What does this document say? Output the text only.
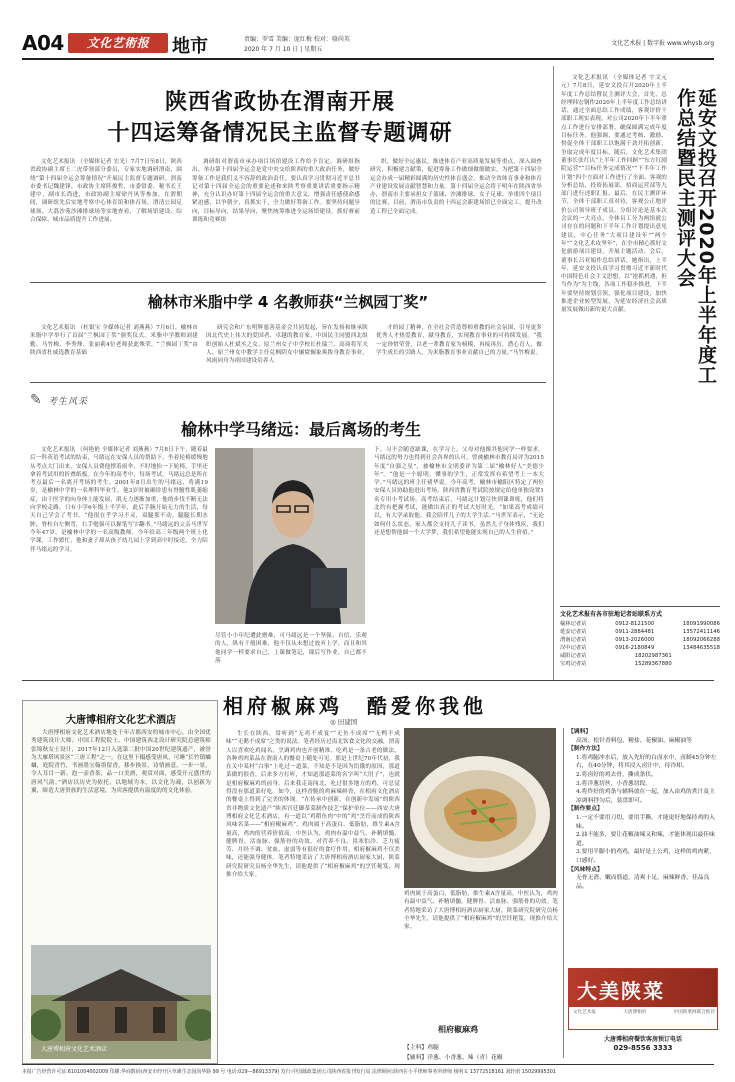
A04	文化艺術报	地市	责编：罗雪 美编：庞红梅 校对：骆尚英
2020 年 7 月 10 日 | 星期五
文化艺术报 | 数字报 www.whysb.org
陕西省政协在渭南开展
十四运筹备情况民主监督专题调研

文化艺术报讯 （全媒体记者 宏光）7月7日至8日，陕西省政协副主席王二虎带领部分委员，专家实地调研渭南，围绕“第十四届全运会筹备情况”开展民主监督专题调研。渭南市委书记魏建锋，市政协主席阵俊哲，市委常委、秘书长王建中，副市长尚进，市政协副主席徐丹风等参加。在渭期间，调研组先后实地考察中心体育馆和体育场，渭清公园足球场、大荔沙苑沙滩排球场等实地查看，了解场馆建设、综合保障、城市品质提升工作进展。

调研组对渭南市承办项目场馆建设工作给予肯定。调研组指出，举办第十四届全运会是党中央交给陕西的重大政治任务，做好筹备工作是我们义不容辞的政治责任。要认真学习贯彻习近平总书记对第十四届全运会的重要论述和来陕考察重要讲话重要指示精神，充分认识办好第十四届全运会的重大意义，增强责任感使命感紧迫感，以争朝夕，真抓实干，全力做好筹备工作。要坚持问题导向，目标导向，结果导向，聚焦统筹推进全运场馆建设，抓好赛前训练和竞赛组

织，做好全运惠民，推进体育产业高质量发展等重点。深入调查研究，积极建言献策，促进筹备工作做细做细做实，为把第十四届全运会办成一届精彩圆满的历史性体育盛会，推动全省体育事业和体育产业建设发展贡献智慧和力量。第十四届全运会将于明年在陕西省举办，渭南市主要承担女子篮球、沙滩排球、女子足球、举重四个项目的比赛，目前，渭南市负责的十四运会新建场馆已全面完工，提升改造工程已全面完成。

榆林市米脂中学 4 名教师获“兰枫园丁奖”

文化艺术报讯 （杜银宝 全媒体记者 刘燕燕）7月6日，榆林市米脂中学举行了首届“兰枫园丁奖”颁奖仪式。米脂中学教师刘建勤、马竹梅、李秀烽、张丽莉4位老师获此殊荣。“兰枫园丁奖”由陕西省杜威选教育基础

研究会和广东明辉慈善基金会共同发起，旨在发扬和继承陕因北代史上伟大的爱国者、卓越的教育家，中国民主同盟西北组织创始人杜斌丞之女，原兰州女子中学校长杜瑞兰、高琦将军夫人、原兰州女中教学主任兑枫阴女中辗窟辗象爽拨身教育事业，风雨同舟为祖国建设培养人

才的园丁精神，在全社会营造尊师重教的社会氛围，引导更多优秀人才热爱教育，献身教育，实现教育事业的可持续发展。“我一定珍惜荣誉，以老一辈教育家为榜模，再接再厉，潜心育人，做学生成长的引路人，为米脂教育事业贡献自己的力量。”马竹梅说。

✎ 考生风采
榆林中学马绪远：最后离场的考生

文化艺术报讯 （何艳艳 全媒体记者 刘燕燕）7月8日下午，随着最后一科英语考试的结束，马绪远在安保人员的帮助下，坐着轮椅缓慢地从考点大门出来，安保人员费他撑着雨伞，不时地抬一下轮椅，手里还拿着考试用的折叠纸板。在今年的高考中，每场考试，马绪远总是所在考点最后一名离开考场的考生。2001年8月出生的马绪远，将满19岁，是榆林中学的一名理科毕业生，他3岁时被确诊患有脊髓性肌萎缩症，由于医学的向身体上能发展，肌无力逐渐加重，他的步伐不断无法向学校走路，只有小学6年级上半学年，此后手腕开始无力的生活，每天自己学会了考书。“他很在乎学习不灵，双腿那不动，腿腿长期水肿，脊柱自左侧弯，右手勉强可以握笔写字翻书。”马绪远的父亲马世军今年47岁，是榆林中学的一名高级教师，今年给高三年级两个班上化学课，工作繁忙，他和妻子却从孩子幼儿园上学到高中时接送，全力陪伴马绪远的学习。

尽管小小年纪遭此磨难，可马绪远是一个坚强、自信、乐观的人，纵有千般困难，他不仅从未想过放弃上学，而且和其他同学一样要求自己，上课做笔记，课后写作业，自己都不落

下。习不会随意缺课，在学习上，父母对他像其他同学一样要求。马绪远的努力也得到社会各界的认可，曾被榆林市教育局评为2015年度“自强之星”，被榆林市文明委评为第二届“榆林好人”美德少年”。“他是一个聪明，懂事的学生，正常发挥有希望考上一本大学。”马绪远的班主任褚华说。今年高考，榆林市榆阳区特定了两位安保人员协助他进出考场，陕西省教育考试院按规定给他单独设置1名专用小考试场。高考结束后，马绪远计划尽快到课训练，他们将北约有把握考试，能做出真正的考试大好时光。“如果高考成绩可以，有大学录取他，我会陪伴儿子的大学生活。”马世军表示，“无论如何什么状态，家人都会支持儿子读书，虽然儿子身体残疾，我们还是想帮他圆一个大学梦，我们希望他能实现自己的人生价值。”

延安文投召开2020年上半年度工作总结暨民主测评大会

文化艺术报讯 （全媒体记者 宇文元元）7月8日，延安文投召开2020年上半年度工作总结暨民主测评大会。首先，总经理韩宏钢作2020年上半年度工作总结讲话，通过全面总结工作成绩，客观评价干部职工现实表现，对公司2020年下半年重点工作进行安排部署，确保圆满完成年度目标任务。他强调，要通过考核、激励、督促全体干部职工以饱满干劲开拓创新，争取完成年度目标。随后，文化艺术集团董事长张红认“上半年工作回顾”“东方红剧院运营”“目标任务完成情况”“下半年工作计划”四个方面对工作进行了全面、客观的分析总结，投资拓展部，招商运营部等九部门进行述职汇报，最后，在民主测评环节，全体干部职工真对待，客观公正地评价公司领导班子成员。分组讨论是基本次会议的一大亮点，全体员工分为两组就公司存在的问题和下半年工作计划提出意见建议，中心任务“大项目建设年”“两个年”“文化艺术攻坚年”，在全市精心抓好文化旅游项目建设，开展主题活动。会后，董事长吕亚娟作总结讲话，她指出，上半年，延安文投认真学习贯彻习近平新时代中国特色社会主义思想，以“抢抓机遇，担当作为”为主线，各项工作稳步推进，下半年要坚持规划引领，强化项目建设，加快推进企业转型发展，为延安经济社会高质量发展做出新的更大贡献。

文化艺术报有各市驻地记者站联系方式
榆林记者站	0912-8121500	18091990086
延安记者站	0911-2884481	13572411146
渭南记者站	0913-2026000	18092066288
汉中记者站	0916-2180849	13484635518
咸阳记者站	18202987361
宝鸡记者站	15289367880
相府椒麻鸡　酷爱你我他
◎ 田建国

生长在陕西，常听到“无鸡不成宴”“无鱼不成席”“无鸭不成味”“无鹅不成席”之类的说法。笔者经历过南北饮食文化的交融，渭南人以喜欢吃鸡闻名，烹调鸡肉也开创精准，吃鸡是一条古老的做法，各种鸡肉菜品在渭南人的餐桌上随处可见。那是上世纪70年代初，我在关中某村“白事”上吃过一道菜，不知是不是因为饥饿的原因，那道菜做的很香，后来多方打听，才知道那道菜的名字叫“大肘子”，也就是相府椒麻鸡的前身。后来我走南闯北，吃过很多地方的鸡，可总觉得没有那道菜好吃。如今，这样香脆的鸡麻辣鲜香，在相府文化酒店的餐桌上得到了完美的体现。“在传承中创新，在创新中发展”的陕西省非物质文化遗产“陕西宫廷御茶菜制作技艺”保护单位——西安大唐博相府文化艺术酒店，有一道以“鸡稻鱼肉”中的“鸡”烹饪而成的陕西风味名菜——“相府椒麻鸡”。鸡肉属于高蛋白、低脂肪，维生素A含量高，鸡肉的营养价值高，中医认为，鸡肉有温中益气、补精填髓、健脾胃、活血脉、强筋骨的功效。对营养不良、畏寒怕冷、乏力疲劳、月经不调、贫血、虚弱等有很好的食疗作用。相府椒麻鸡不仅美味，还能强身健体。笔者特地采访了大唐博相府酒店厨家大厨，陕菜研究院研究员杨全华先生，请他提供了“相府椒麻鸡”的烹饪秘笈，现推介给大家。

鸡肉属于高蛋白、低脂肪，维生素A含量高。中医认为，鸡肉有温中益气、补精填髓、健脾胃、活血脉、强筋骨的功效。笔者特地采访了大唐博相府酒店厨家大厨，陕菜研究院研究员杨全华先生，请他提供了“相府椒麻鸡”的烹饪秘笈，现推介给大家。

相府椒麻鸡
【主料】鸡腿
【辅料】洋葱、小香葱、辣（青）花椒
大唐博相府文化艺术酒店

大唐博相府文化艺术酒店地处千年古都西安的城市中心，由全国优秀建筑设计大师、中国工程院院士、中国建筑西北设计研究院总建筑师张锦秋女士设计，2017年12月入选第二批中国20世纪建筑遗产，被誉为大雁塔风景区“三唐工程”之一。在这里下榻感受唐风，可睡“长竹镇蛐蛐，庭院青竹，书画墨宝翰墨留香，移步换景，诗情画意，一步一景，令人耳目一新。泡一壶香茶，品一口美酒，观赏对面，感受开元盛世的唐风气韵。”酒店以历史为依托，以地域为本，以文化为魂，以创新为翼，缔造大唐贵族的生活意境，为宾客提供有温度的的文化体验。

大唐博相府文化艺术酒店
【调料】
高汤、松针香料包、精盐、花椒油、麻椒油等
【制作方法】
1.将鸡腿冲水后，放入先好的白卤水中，卤制45分钟左右，在40分钟，将其浸入卤汁中，待冷却。
2.将卤好的鸡去骨，撕成条状。
3.将洋葱切丝，小香葱切段。
4.将炸好的鸡条与辅料放在一起，加入由鸡的煮汁及主凉调料拌匀后，装盘即可。
【制作要点】
1.一定不要用刀切，要用手撕，才能更好地保持鸡的入味。
2.油不能多，要让花椒油辣又和辣，才能体现出最佳味道。
3.要用半脚小的鸡鸡，最好是土公鸡，这样的鸡肉紧，口感好。
【风味特点】
无骨无渣，嫩而筋道，清爽十足，麻辣鲜香，佳品良品。
大美陕菜
文化艺术报	大唐博相府	中国陕菜网联合推荐
大唐博相府餐饮客房预订电话
029-8556 3333
本报广告经营许可证:6101004002009 印刷:华商数码(西安市经开区草滩生态园尚华路 99 号 电话:029—86913379) 发行:中国邮政集团公司陕西省报刊发行局 法律顾问:陕西在小平律师事务所律师 杨明义 13772518161 刘轩雨 15029995301
